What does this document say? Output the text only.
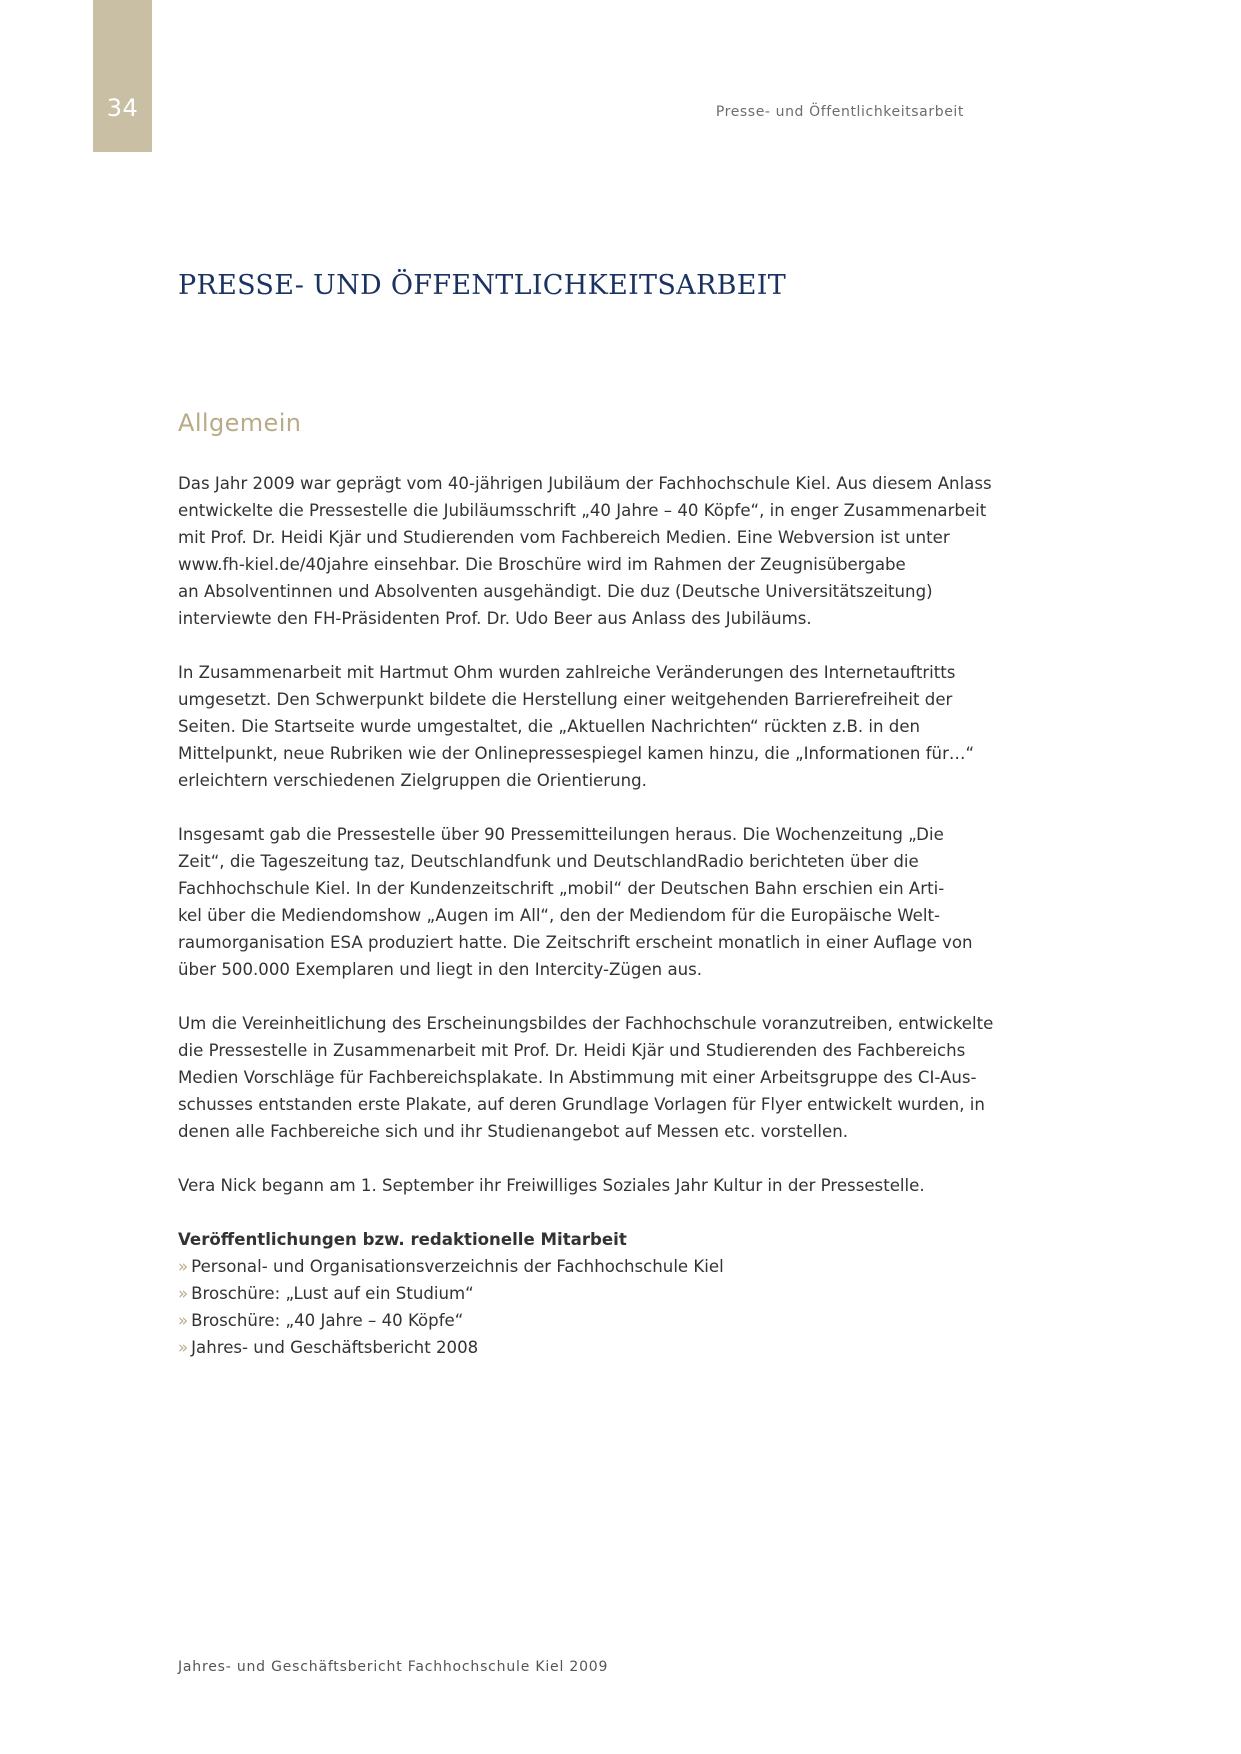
34	Presse- und Öffentlichkeitsarbeit
PRESSE- UND ÖFFENTLICHKEITSARBEIT
Allgemein

Das Jahr 2009 war geprägt vom 40-jährigen Jubiläum der Fachhochschule Kiel. Aus diesem Anlass
entwickelte die Pressestelle die Jubiläumsschrift „40 Jahre – 40 Köpfe“, in enger Zusammenarbeit
mit Prof. Dr. Heidi Kjär und Studierenden vom Fachbereich Medien. Eine Webversion ist unter
www.fh-kiel.de/40jahre einsehbar. Die Broschüre wird im Rahmen der Zeugnisübergabe
an Absolventinnen und Absolventen ausgehändigt. Die duz (Deutsche Universitätszeitung)
interviewte den FH-Präsidenten Prof. Dr. Udo Beer aus Anlass des Jubiläums.

In Zusammenarbeit mit Hartmut Ohm wurden zahlreiche Veränderungen des Internetauftritts
umgesetzt. Den Schwerpunkt bildete die Herstellung einer weitgehenden Barrierefreiheit der
Seiten. Die Startseite wurde umgestaltet, die „Aktuellen Nachrichten“ rückten z.B. in den
Mittelpunkt, neue Rubriken wie der Onlinepressespiegel kamen hinzu, die „Informationen für…“
erleichtern verschiedenen Zielgruppen die Orientierung.

Insgesamt gab die Pressestelle über 90 Pressemitteilungen heraus. Die Wochenzeitung „Die
Zeit“, die Tageszeitung taz, Deutschlandfunk und DeutschlandRadio berichteten über die
Fachhochschule Kiel. In der Kundenzeitschrift „mobil“ der Deutschen Bahn erschien ein Arti-
kel über die Mediendomshow „Augen im All“, den der Mediendom für die Europäische Welt-
raumorganisation ESA produziert hatte. Die Zeitschrift erscheint monatlich in einer Auflage von
über 500.000 Exemplaren und liegt in den Intercity-Zügen aus.

Um die Vereinheitlichung des Erscheinungsbildes der Fachhochschule voranzutreiben, entwickelte
die Pressestelle in Zusammenarbeit mit Prof. Dr. Heidi Kjär und Studierenden des Fachbereichs
Medien Vorschläge für Fachbereichsplakate. In Abstimmung mit einer Arbeitsgruppe des CI-Aus-
schusses entstanden erste Plakate, auf deren Grundlage Vorlagen für Flyer entwickelt wurden, in
denen alle Fachbereiche sich und ihr Studienangebot auf Messen etc. vorstellen.

Vera Nick begann am 1. September ihr Freiwilliges Soziales Jahr Kultur in der Pressestelle.

Veröffentlichungen bzw. redaktionelle Mitarbeit
» Personal- und Organisationsverzeichnis der Fachhochschule Kiel
» Broschüre: „Lust auf ein Studium“
» Broschüre: „40 Jahre – 40 Köpfe“
» Jahres- und Geschäftsbericht 2008
Jahres- und Geschäftsbericht Fachhochschule Kiel 2009
